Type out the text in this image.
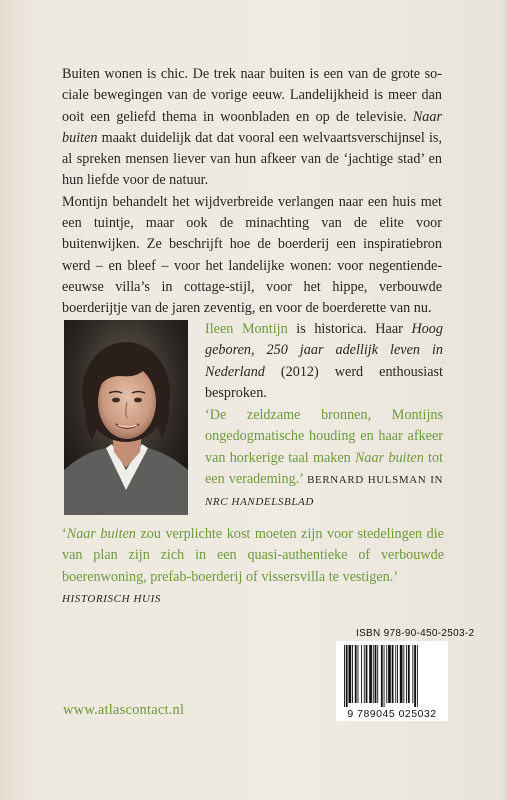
Buiten wonen is chic. De trek naar buiten is een van de grote so-ciale bewegingen van de vorige eeuw. Landelijkheid is meer dan ooit een geliefd thema in woonbladen en op de televisie. Naar buiten maakt duidelijk dat dat vooral een welvaartsverschijnsel is, al spreken mensen liever van hun afkeer van de ‘jachtige stad’ en hun liefde voor de natuur.

Montijn behandelt het wijdverbreide verlangen naar een huis met een tuintje, maar ook de minachting van de elite voor buitenwijken. Ze beschrijft hoe de boerderij een inspiratiebron werd – en bleef – voor het landelijke wonen: voor negentiende-eeuwse villa’s in cottage-stijl, voor het hippe, verbouwde boerderijtje van de jaren zeventig, en voor de boerderette van nu.

Ileen Montijn is historica. Haar Hoog geboren, 250 jaar adellijk leven in Nederland (2012) werd enthousiast besproken.
‘De zeldzame bronnen, Montijns ongedogmatische houding en haar afkeer van horkerige taal maken Naar buiten tot een verademing.’ BERNARD HULSMAN IN NRC HANDELSBLAD
‘Naar buiten zou verplichte kost moeten zijn voor stedelingen die van plan zijn zich in een quasi-authentieke of verbouwde boerenwoning, prefab-boerderij of vissersvilla te vestigen.’
HISTORISCH HUIS
ISBN 978-90-450-2503-2
9 789045 025032
www.atlascontact.nl
